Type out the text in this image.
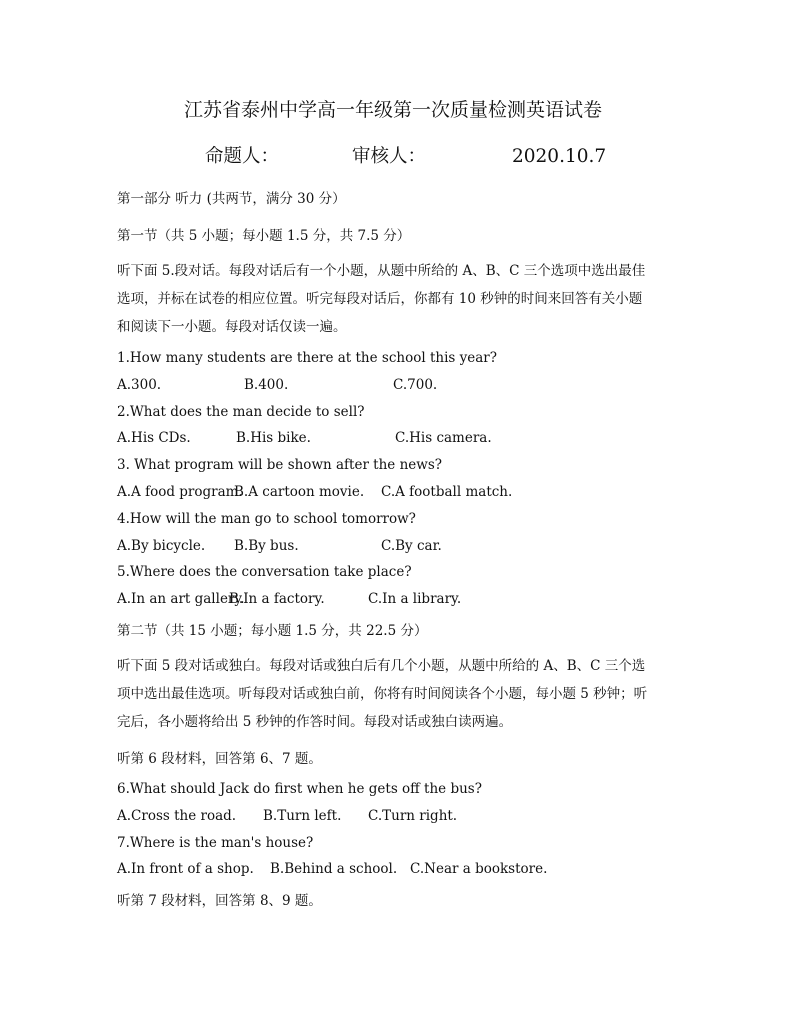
江苏省泰州中学高一年级第一次质量检测英语试卷
命题人：	审核人：	2020.10.7
第一部分 听力 (共两节，满分 30 分）
第一节（共 5 小题；每小题 1.5 分，共 7.5 分）
听下面 5.段对话。每段对话后有一个小题，从题中所给的 A、B、C 三个选项中选出最佳
选项，并标在试卷的相应位置。听完每段对话后，你都有 10 秒钟的时间来回答有关小题
和阅读下一小题。每段对话仅读一遍。
1.How many students are there at the school this year?
A.300.	B.400.	C.700.
2.What does the man decide to sell?
A.His CDs.	B.His bike.	C.His camera.
3. What program will be shown after the news?
A.A food program.
B.A cartoon movie. C.A football match.
4.How will the man go to school tomorrow?
A.By bicycle. B.By bus.	C.By car.
5.Where does the conversation take place?
A.In an art gallery.
B.In a factory.	C.In a library.
第二节（共 15 小题；每小题 1.5 分，共 22.5 分）
听下面 5 段对话或独白。每段对话或独白后有几个小题，从题中所给的 A、B、C 三个选
项中选出最佳选项。听每段对话或独白前，你将有时间阅读各个小题，每小题 5 秒钟；听
完后，各小题将给出 5 秒钟的作答时间。每段对话或独白读两遍。
听第 6 段材料，回答第 6、7 题。
6.What should Jack do first when he gets off the bus?
A.Cross the road. B.Turn left. C.Turn right.
7.Where is the man's house?
A.In front of a shop. B.Behind a school. C.Near a bookstore.
听第 7 段材料，回答第 8、9 题。
